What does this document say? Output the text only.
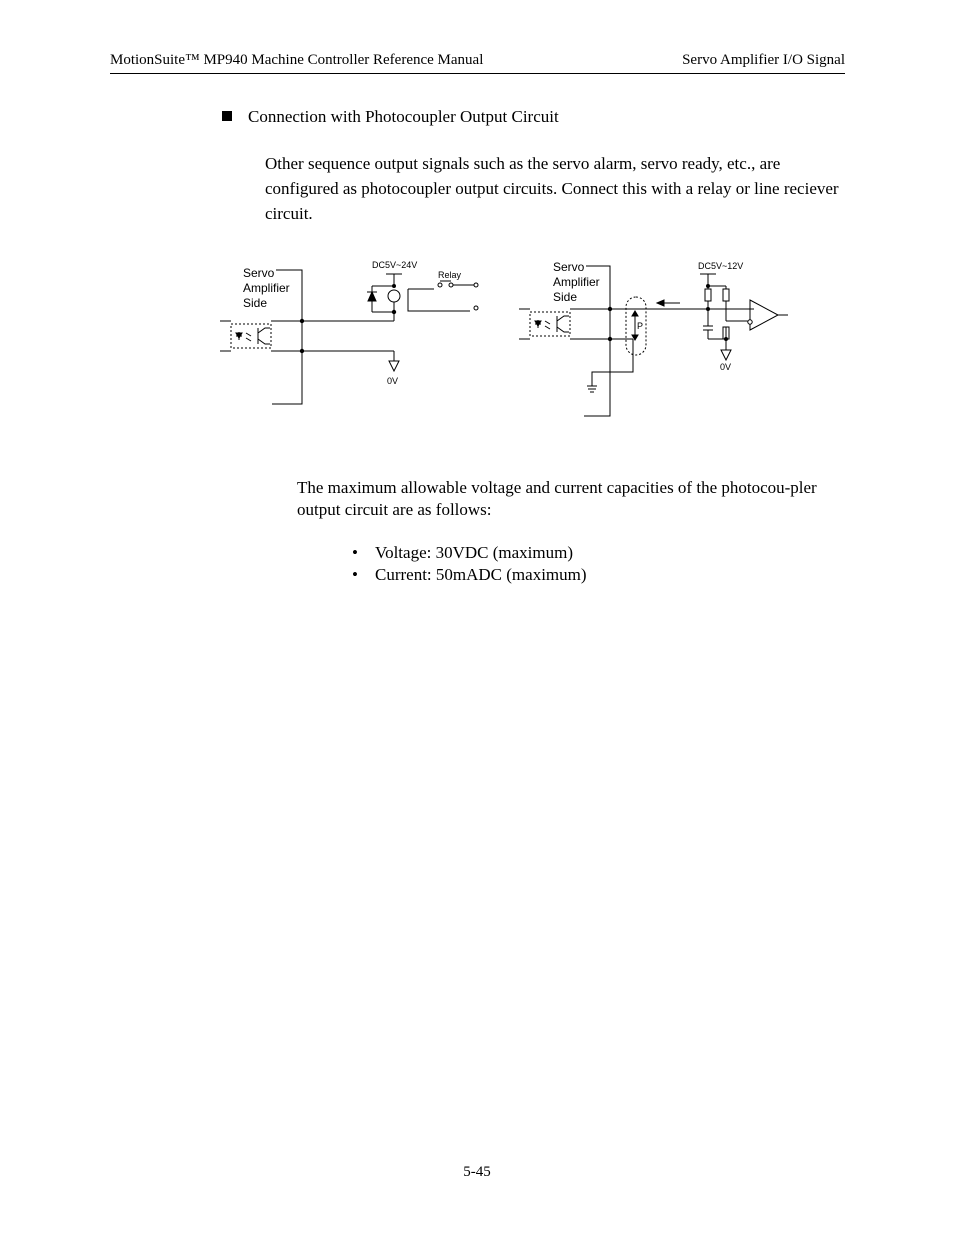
MotionSuite™ MP940 Machine Controller Reference Manual	Servo Amplifier I/O Signal
Connection with Photocoupler Output Circuit
Other sequence output signals such as the servo alarm, servo ready, etc., are configured as photocoupler output circuits. Connect this with a relay or line reciever circuit.
Servo
Amplifier
Side
DC5V~24V
Relay
0V
Servo
Amplifier
Side
DC5V~12V
P
0V
The maximum allowable voltage and current capacities of the photocou-pler output circuit are as follows:
• Voltage: 30VDC (maximum)
• Current: 50mADC (maximum)
5-45
